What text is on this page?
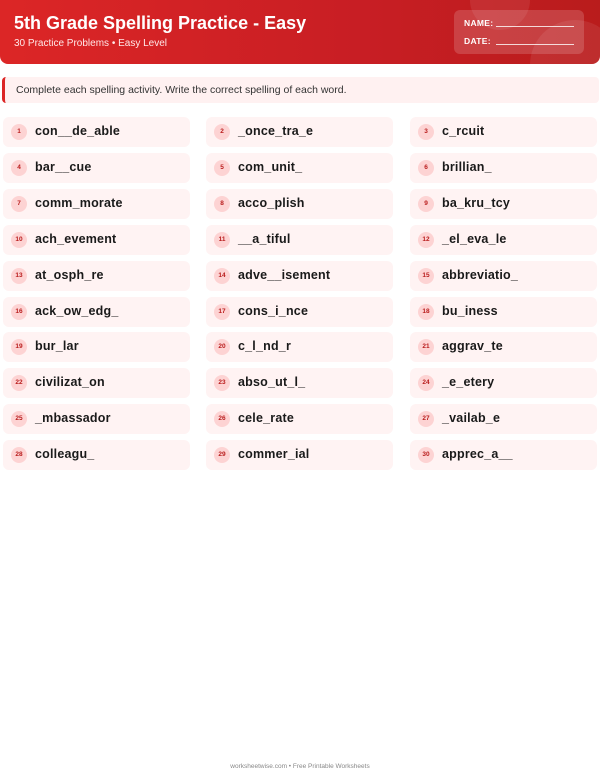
5th Grade Spelling Practice - Easy
30 Practice Problems • Easy Level
NAME:
DATE:
Complete each spelling activity. Write the correct spelling of each word.
1	con__de_able	2	_once_tra_e	3	c_rcuit
4	bar__cue	5	com_unit_	6	brillian_
7	comm_morate	8	acco_plish	9	ba_kru_tcy
10 ach_evement	11	__a_tiful	12 _el_eva_le
13 at_osph_re	14 adve__isement	15 abbreviatio_
16 ack_ow_edg_	17 cons_i_nce	18 bu_iness
19 bur_lar	20 c_l_nd_r	21 aggrav_te
22 civilizat_on	23 abso_ut_l_	24 _e_etery
25 _mbassador	26 cele_rate	27 _vailab_e
28 colleagu_	29 commer_ial	30 apprec_a__
worksheetwise.com • Free Printable Worksheets
